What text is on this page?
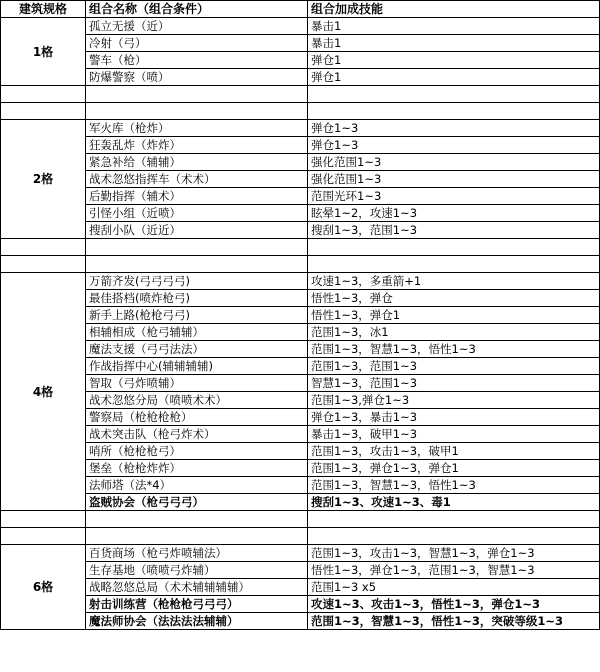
建筑规格	组合名称（组合条件）	组合加成技能
1格	孤立无援（近）	暴击1
	冷射（弓）	暴击1
	警车（枪）	弹仓1
	防爆警察（喷）	弹仓1

2格	军火库（枪炸）	弹仓1~3
	狂轰乱炸（炸炸）	弹仓1~3
	紧急补给（辅辅）	强化范围1~3
	战术忽悠指挥车（术术）	强化范围1~3
	后勤指挥（辅术）	范围光环1~3
	引怪小组（近喷）	眩晕1~2，攻速1~3
	搜刮小队（近近）	搜刮1~3，范围1~3

4格	万箭齐发(弓弓弓弓)	攻速1~3，多重箭+1
	最佳搭档(喷炸枪弓)	悟性1~3，弹仓
	新手上路(枪枪弓弓)	悟性1~3，弹仓1
	相辅相成（枪弓辅辅）	范围1~3，冰1
	魔法支援（弓弓法法）	范围1~3，智慧1~3，悟性1~3
	作战指挥中心(辅辅辅辅)	范围1~3，范围1~3
	智取（弓炸喷辅）	智慧1~3，范围1~3
	战术忽悠分局（喷喷术术）	范围1~3,弹仓1~3
	警察局（枪枪枪枪）	弹仓1~3，暴击1~3
	战术突击队（枪弓炸术）	暴击1~3，破甲1~3
	哨所（枪枪枪弓）	范围1~3，攻击1~3，破甲1
	堡垒（枪枪炸炸）	范围1~3，弹仓1~3，弹仓1
	法师塔（法*4）	范围1~3，智慧1~3，悟性1~3
	盗贼协会（枪弓弓弓）	搜刮1~3、攻速1~3、毒1

6格	百货商场（枪弓炸喷辅法）	范围1~3，攻击1~3，智慧1~3，弹仓1~3
	生存基地（喷喷弓炸辅）	悟性1~3，弹仓1~3，范围1~3，智慧1~3
	战略忽悠总局（术术辅辅辅辅）	范围1~3 x5
	射击训练营（枪枪枪弓弓弓）	攻速1~3、攻击1~3，悟性1~3，弹仓1~3
	魔法师协会（法法法法辅辅）	范围1~3，智慧1~3，悟性1~3，突破等级1~3
